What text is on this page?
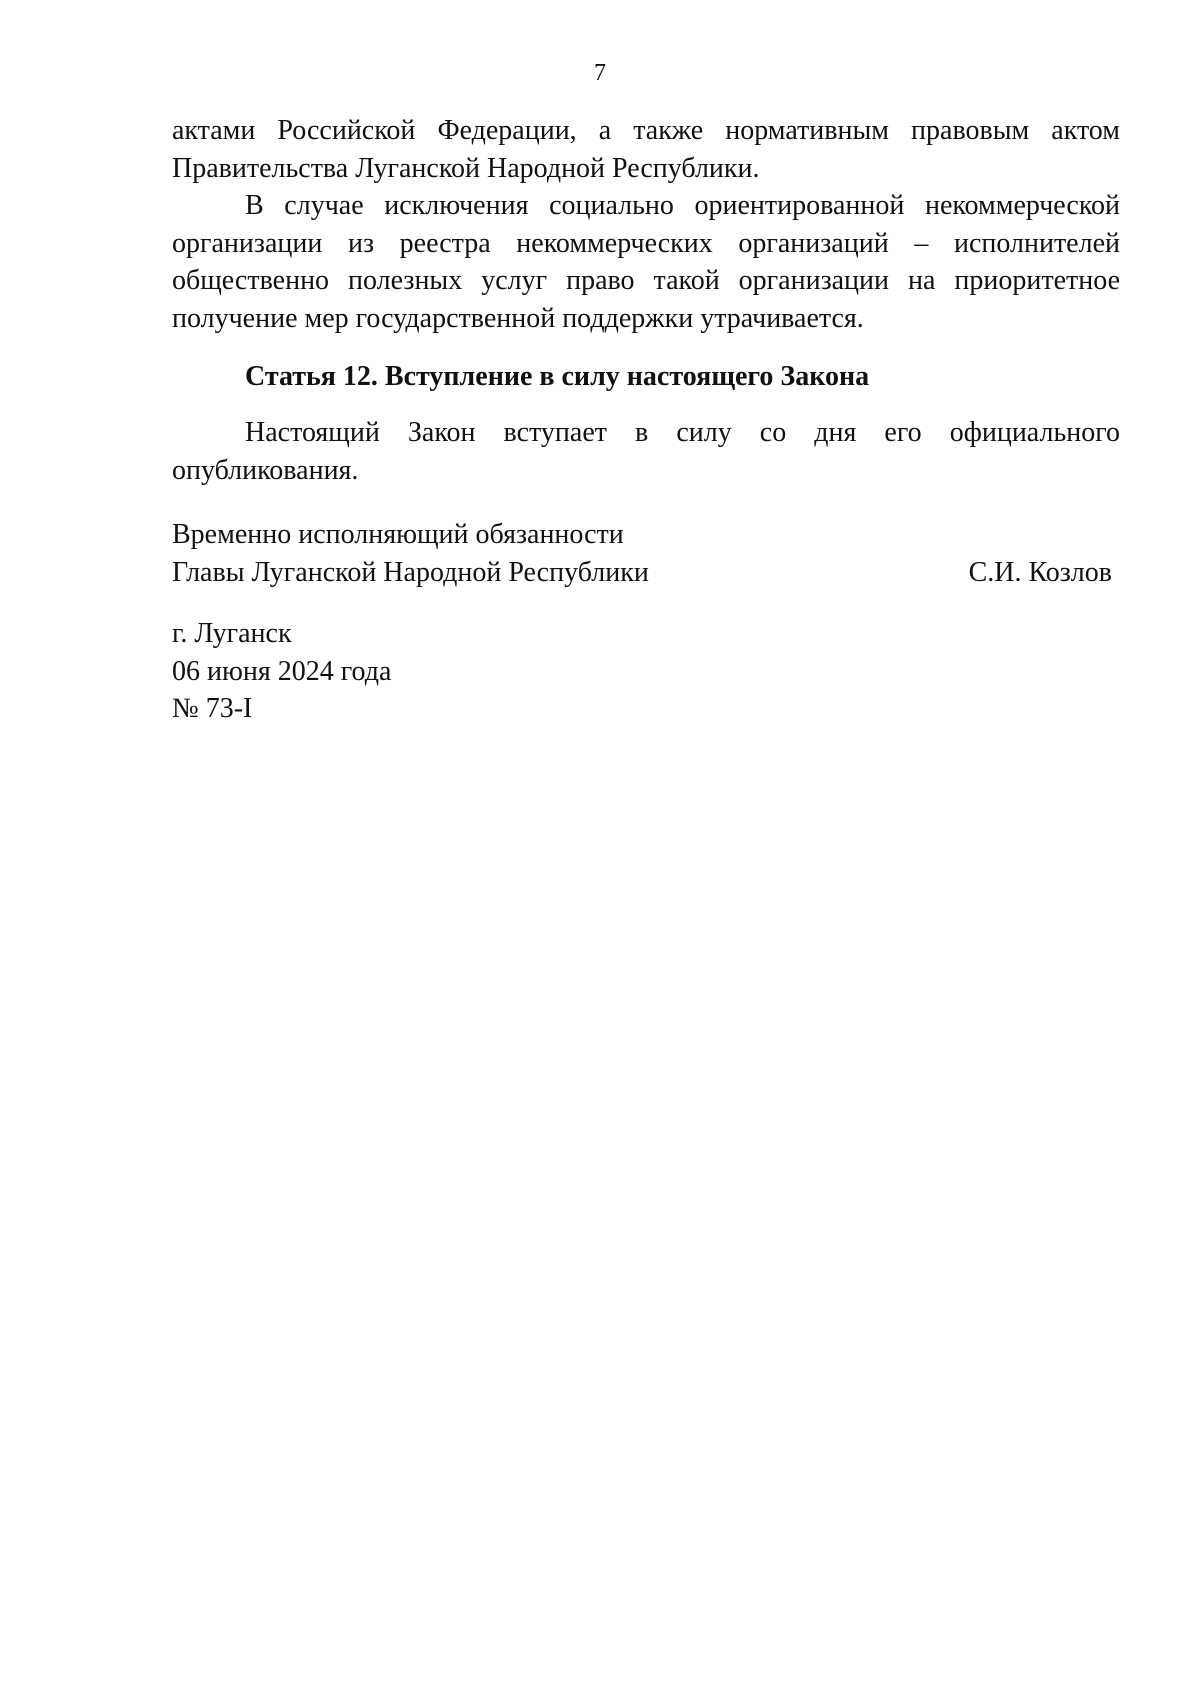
7

актами Российской Федерации, а также нормативным правовым актом Правительства Луганской Народной Республики.

В случае исключения социально ориентированной некоммерческой организации из реестра некоммерческих организаций – исполнителей общественно полезных услуг право такой организации на приоритетное получение мер государственной поддержки утрачивается.

Статья 12. Вступление в силу настоящего Закона

Настоящий Закон вступает в силу со дня его официального опубликования.

Временно исполняющий обязанности
Главы Луганской Народной Республики	С.И. Козлов
г. Луганск
06 июня 2024 года
№ 73-I
